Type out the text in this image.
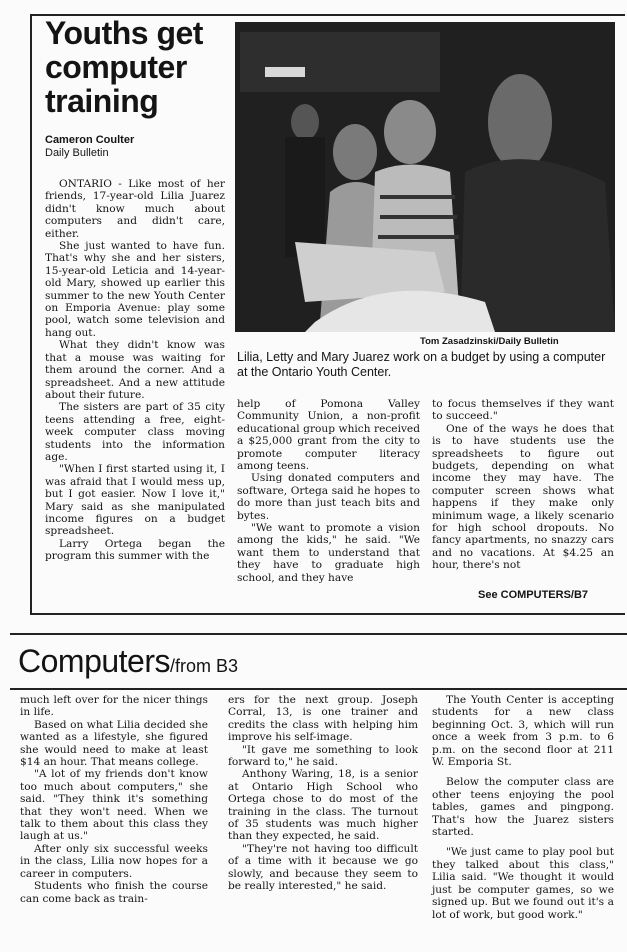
Youths get
computer
training
Cameron Coulter
Daily Bulletin

ONTARIO - Like most of her friends, 17-year-old Lilia Juarez didn't know much about computers and didn't care, either.

She just wanted to have fun. That's why she and her sisters, 15-year-old Leticia and 14-year-old Mary, showed up earlier this summer to the new Youth Center on Emporia Avenue: play some pool, watch some television and hang out.

What they didn't know was that a mouse was waiting for them around the corner. And a spreadsheet. And a new attitude about their future.

The sisters are part of 35 city teens attending a free, eight-week computer class moving students into the information age.

"When I first started using it, I was afraid that I would mess up, but I got easier. Now I love it," Mary said as she manipulated income figures on a budget spreadsheet.

Larry Ortega began the program this summer with the

Tom Zasadzinski/Daily Bulletin
Lilia, Letty and Mary Juarez work on a budget by using a computer at the Ontario Youth Center.

help of Pomona Valley Community Union, a non-profit educational group which received a $25,000 grant from the city to promote computer literacy among teens.

Using donated computers and software, Ortega said he hopes to do more than just teach bits and bytes.

"We want to promote a vision among the kids," he said. "We want them to understand that they have to graduate high school, and they have

to focus themselves if they want to succeed."

One of the ways he does that is to have students use the spreadsheets to figure out budgets, depending on what income they may have. The computer screen shows what happens if they make only minimum wage, a likely scenario for high school dropouts. No fancy apartments, no snazzy cars and no vacations. At $4.25 an hour, there's not

See COMPUTERS/B7
Computers/from B3

much left over for the nicer things in life.

Based on what Lilia decided she wanted as a lifestyle, she figured she would need to make at least $14 an hour. That means college.

"A lot of my friends don't know too much about computers," she said. "They think it's something that they won't need. When we talk to them about this class they laugh at us."

After only six successful weeks in the class, Lilia now hopes for a career in computers.

Students who finish the course can come back as train-

ers for the next group. Joseph Corral, 13, is one trainer and credits the class with helping him improve his self-image.

"It gave me something to look forward to," he said.

Anthony Waring, 18, is a senior at Ontario High School who Ortega chose to do most of the training in the class. The turnout of 35 students was much higher than they expected, he said.

"They're not having too difficult of a time with it because we go slowly, and because they seem to be really interested," he said.

The Youth Center is accepting students for a new class beginning Oct. 3, which will run once a week from 3 p.m. to 6 p.m. on the second floor at 211 W. Emporia St.

Below the computer class are other teens enjoying the pool tables, games and pingpong. That's how the Juarez sisters started.

"We just came to play pool but they talked about this class," Lilia said. "We thought it would just be computer games, so we signed up. But we found out it's a lot of work, but good work."
